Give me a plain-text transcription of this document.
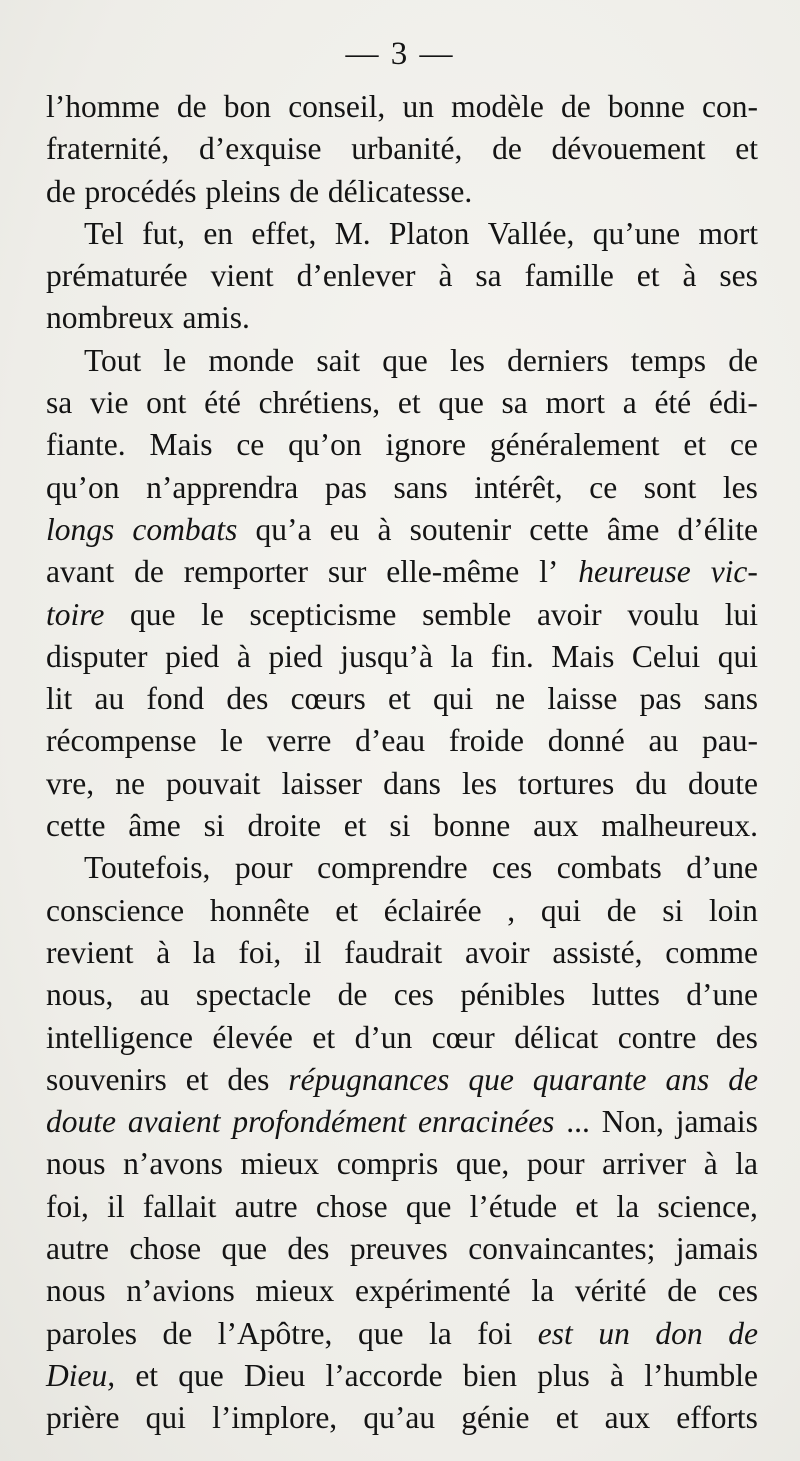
— 3 —
l’homme de bon conseil, un modèle de bonne con-
fraternité, d’exquise urbanité, de dévouement et
de procédés pleins de délicatesse.
Tel fut, en effet, M. Platon Vallée, qu’une mort
prématurée vient d’enlever à sa famille et à ses
nombreux amis.
Tout le monde sait que les derniers temps de
sa vie ont été chrétiens, et que sa mort a été édi-
fiante. Mais ce qu’on ignore généralement et ce
qu’on n’apprendra pas sans intérêt, ce sont les
longs combats qu’a eu à soutenir cette âme d’élite
avant de remporter sur elle-même l’ heureuse vic-
toire que le scepticisme semble avoir voulu lui
disputer pied à pied jusqu’à la fin. Mais Celui qui
lit au fond des cœurs et qui ne laisse pas sans
récompense le verre d’eau froide donné au pau-
vre, ne pouvait laisser dans les tortures du doute
cette âme si droite et si bonne aux malheureux.
Toutefois, pour comprendre ces combats d’une
conscience honnête et éclairée , qui de si loin
revient à la foi, il faudrait avoir assisté, comme
nous, au spectacle de ces pénibles luttes d’une
intelligence élevée et d’un cœur délicat contre des
souvenirs et des répugnances que quarante ans de
doute avaient profondément enracinées ... Non, jamais
nous n’avons mieux compris que, pour arriver à la
foi, il fallait autre chose que l’étude et la science,
autre chose que des preuves convaincantes; jamais
nous n’avions mieux expérimenté la vérité de ces
paroles de l’Apôtre, que la foi est un don de
Dieu, et que Dieu l’accorde bien plus à l’humble
prière qui l’implore, qu’au génie et aux efforts
